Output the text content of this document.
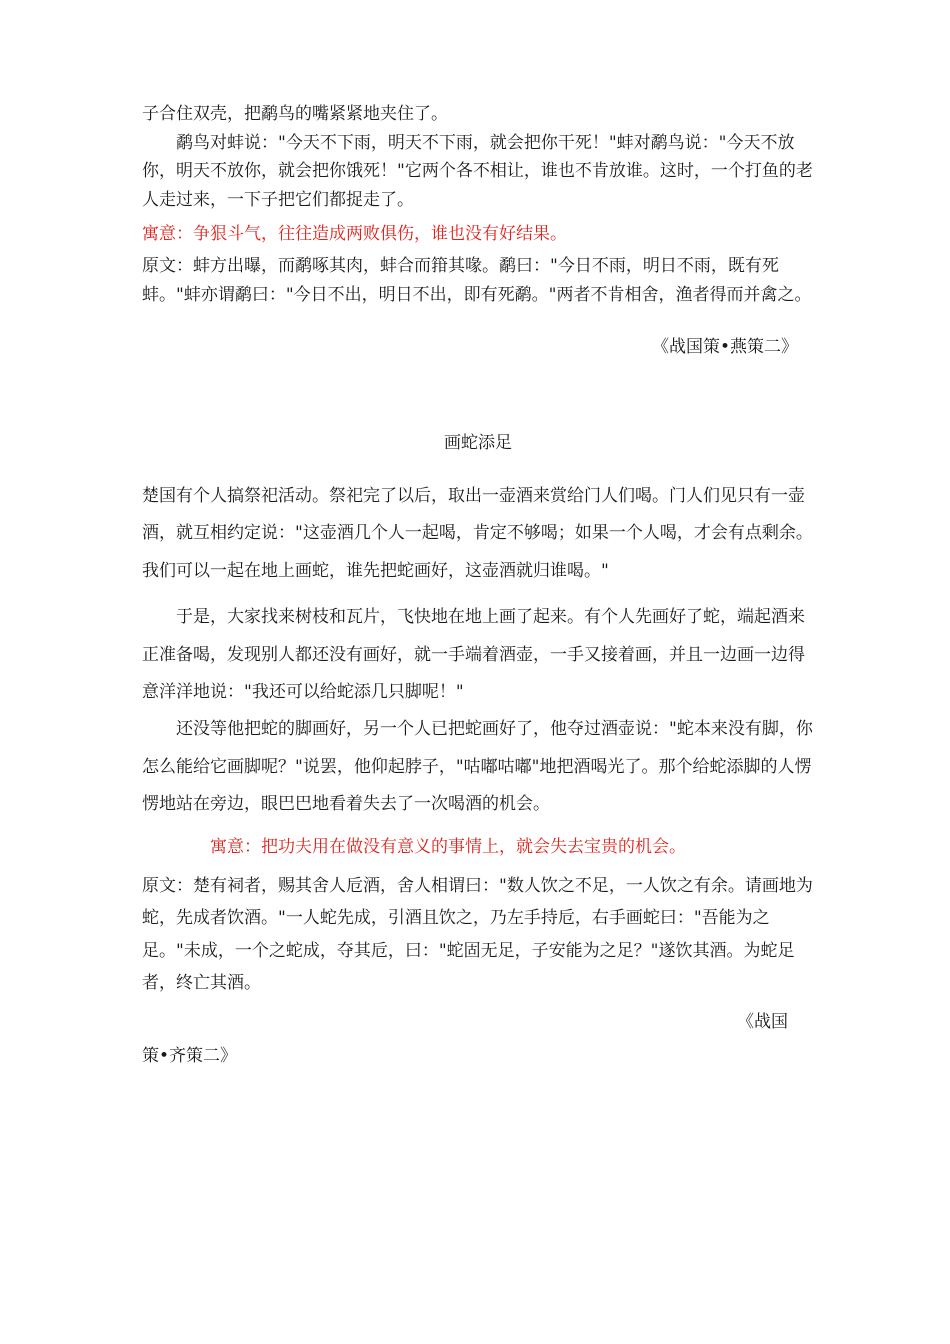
子合住双壳，把鹬鸟的嘴紧紧地夹住了。

鹬鸟对蚌说："今天不下雨，明天不下雨，就会把你干死！"蚌对鹬鸟说："今天不放你，明天不放你，就会把你饿死！"它两个各不相让，谁也不肯放谁。这时，一个打鱼的老人走过来，一下子把它们都捉走了。

寓意：争狠斗气，往往造成两败俱伤，谁也没有好结果。

原文：蚌方出曝，而鹬啄其肉，蚌合而箝其喙。鹬曰："今日不雨，明日不雨，既有死蚌。"蚌亦谓鹬曰："今日不出，明日不出，即有死鹬。"两者不肯相舍，渔者得而并禽之。

《战国策•燕策二》
画蛇添足

楚国有个人搞祭祀活动。祭祀完了以后，取出一壶酒来赏给门人们喝。门人们见只有一壶酒，就互相约定说："这壶酒几个人一起喝，肯定不够喝；如果一个人喝，才会有点剩余。我们可以一起在地上画蛇，谁先把蛇画好，这壶酒就归谁喝。"

于是，大家找来树枝和瓦片，飞快地在地上画了起来。有个人先画好了蛇，端起酒来正准备喝，发现别人都还没有画好，就一手端着酒壶，一手又接着画，并且一边画一边得意洋洋地说："我还可以给蛇添几只脚呢！"

还没等他把蛇的脚画好，另一个人已把蛇画好了，他夺过酒壶说："蛇本来没有脚，你怎么能给它画脚呢？"说罢，他仰起脖子，"咕嘟咕嘟"地把酒喝光了。那个给蛇添脚的人愣愣地站在旁边，眼巴巴地看着失去了一次喝酒的机会。

寓意：把功夫用在做没有意义的事情上，就会失去宝贵的机会。

原文：楚有祠者，赐其舍人卮酒，舍人相谓曰："数人饮之不足，一人饮之有余。请画地为蛇，先成者饮酒。"一人蛇先成，引酒且饮之，乃左手持卮，右手画蛇曰："吾能为之足。"未成，一个之蛇成，夺其卮，曰："蛇固无足，子安能为之足？"遂饮其酒。为蛇足者，终亡其酒。

《战国
策•齐策二》
